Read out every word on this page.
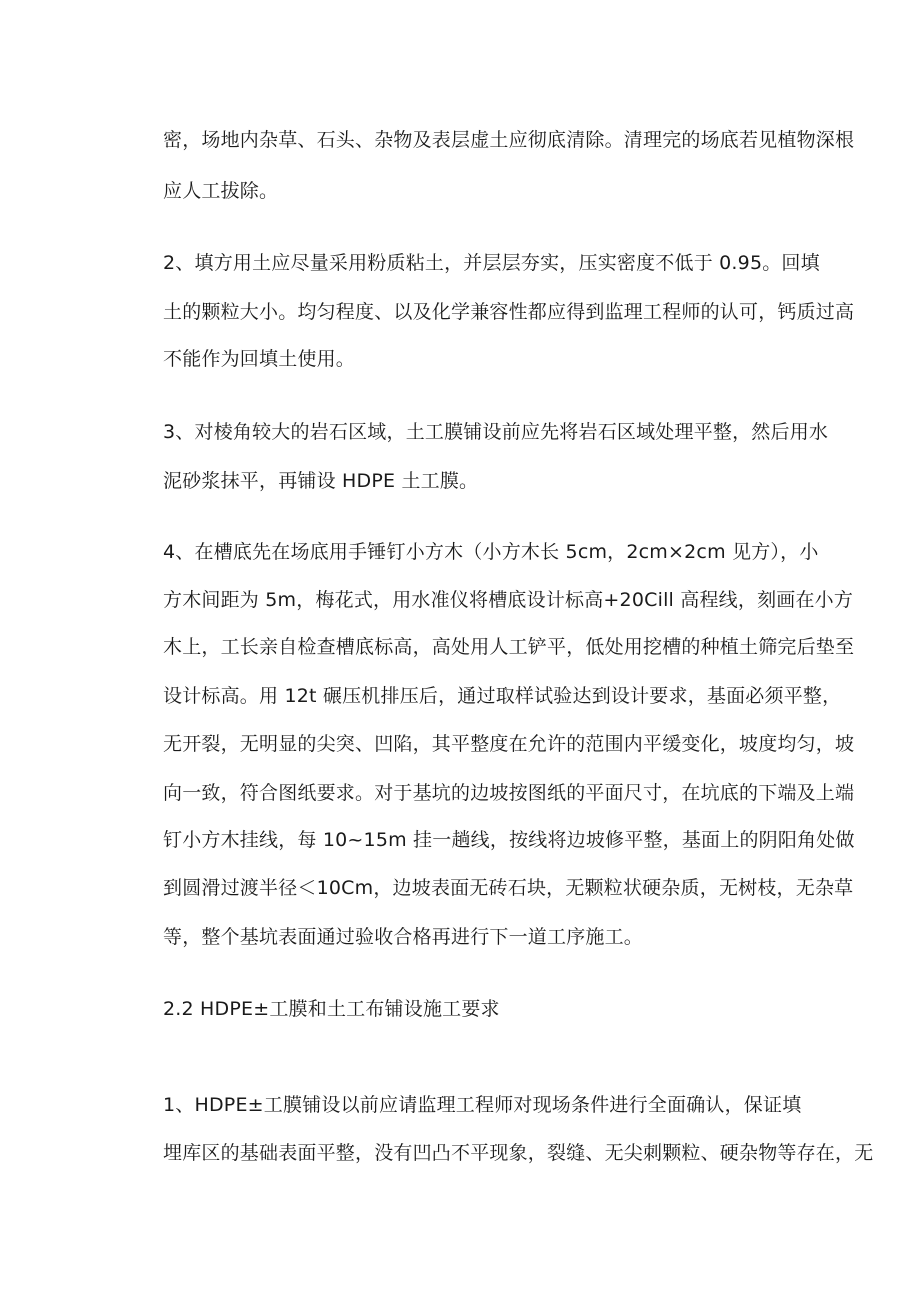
密，场地内杂草、石头、杂物及表层虚土应彻底清除。清理完的场底若见植物深根
应人工拔除。
2、填方用土应尽量采用粉质粘土，并层层夯实，压实密度不低于 0.95。回填
土的颗粒大小。均匀程度、以及化学兼容性都应得到监理工程师的认可，钙质过高
不能作为回填土使用。
3、对棱角较大的岩石区域，土工膜铺设前应先将岩石区域处理平整，然后用水
泥砂浆抹平，再铺设 HDPE 土工膜。
4、在槽底先在场底用手锤钉小方木（小方木长 5cm，2cm×2cm 见方），小
方木间距为 5m，梅花式，用水准仪将槽底设计标高+20Cill 高程线，刻画在小方
木上，工长亲自检查槽底标高，高处用人工铲平，低处用挖槽的种植土筛完后垫至
设计标高。用 12t 碾压机排压后，通过取样试验达到设计要求，基面必须平整，
无开裂，无明显的尖突、凹陷，其平整度在允许的范围内平缓变化，坡度均匀，坡
向一致，符合图纸要求。对于基坑的边坡按图纸的平面尺寸，在坑底的下端及上端
钉小方木挂线，每 10~15m 挂一趟线，按线将边坡修平整，基面上的阴阳角处做
到圆滑过渡半径＜10Cm，边坡表面无砖石块，无颗粒状硬杂质，无树枝，无杂草
等，整个基坑表面通过验收合格再进行下一道工序施工。
2.2 HDPE±工膜和土工布铺设施工要求
1、HDPE±工膜铺设以前应请监理工程师对现场条件进行全面确认，保证填
埋库区的基础表面平整，没有凹凸不平现象，裂缝、无尖刺颗粒、硬杂物等存在，无
